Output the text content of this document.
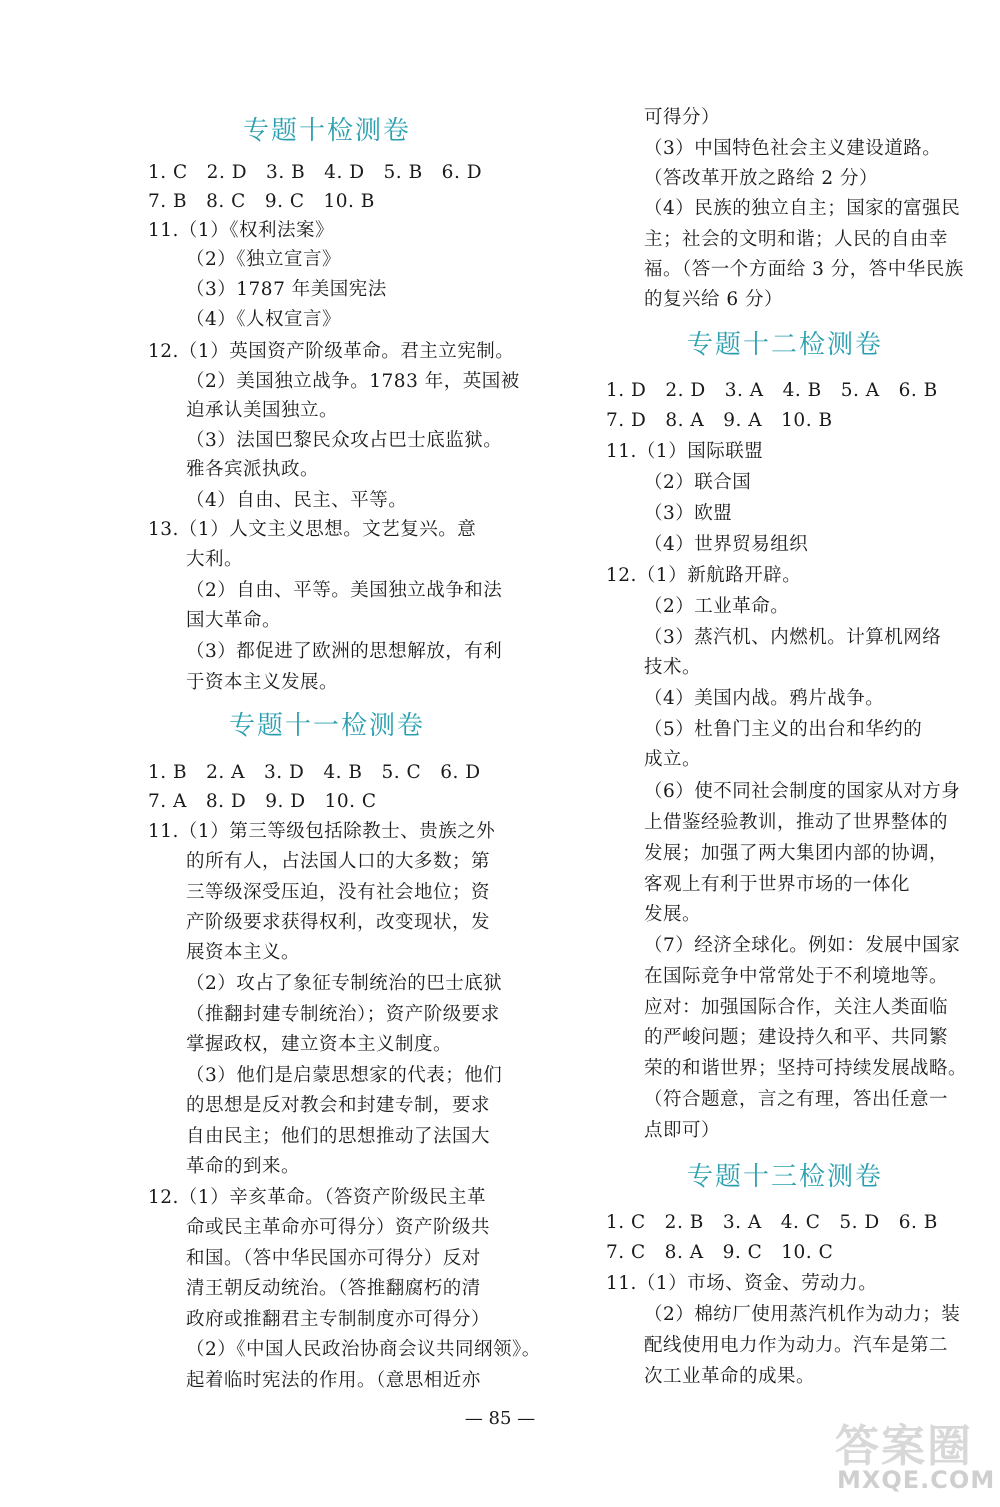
专题十检测卷
1. C　2. D　3. B　4. D　5. B　6. D
7. B　8. C　9. C　10. B
11.（1）《权利法案》
（2）《独立宣言》
（3）1787 年美国宪法
（4）《人权宣言》
12.（1）英国资产阶级革命。君主立宪制。
（2）美国独立战争。1783 年，英国被
迫承认美国独立。
（3）法国巴黎民众攻占巴士底监狱。
雅各宾派执政。
（4）自由、民主、平等。
13.（1）人文主义思想。文艺复兴。意
大利。
（2）自由、平等。美国独立战争和法
国大革命。
（3）都促进了欧洲的思想解放，有利
于资本主义发展。
专题十一检测卷
1. B　2. A　3. D　4. B　5. C　6. D
7. A　8. D　9. D　10. C
11.（1）第三等级包括除教士、贵族之外
的所有人，占法国人口的大多数；第
三等级深受压迫，没有社会地位；资
产阶级要求获得权利，改变现状，发
展资本主义。
（2）攻占了象征专制统治的巴士底狱
（推翻封建专制统治）；资产阶级要求
掌握政权，建立资本主义制度。
（3）他们是启蒙思想家的代表；他们
的思想是反对教会和封建专制，要求
自由民主；他们的思想推动了法国大
革命的到来。
12.（1）辛亥革命。（答资产阶级民主革
命或民主革命亦可得分）资产阶级共
和国。（答中华民国亦可得分）反对
清王朝反动统治。（答推翻腐朽的清
政府或推翻君主专制制度亦可得分）
（2）《中国人民政治协商会议共同纲领》。
起着临时宪法的作用。（意思相近亦
可得分）
（3）中国特色社会主义建设道路。
（答改革开放之路给 2 分）
（4）民族的独立自主；国家的富强民
主；社会的文明和谐；人民的自由幸
福。（答一个方面给 3 分，答中华民族
的复兴给 6 分）
专题十二检测卷
1. D　2. D　3. A　4. B　5. A　6. B
7. D　8. A　9. A　10. B
11.（1）国际联盟
（2）联合国
（3）欧盟
（4）世界贸易组织
12.（1）新航路开辟。
（2）工业革命。
（3）蒸汽机、内燃机。计算机网络
技术。
（4）美国内战。鸦片战争。
（5）杜鲁门主义的出台和华约的
成立。
（6）使不同社会制度的国家从对方身
上借鉴经验教训，推动了世界整体的
发展；加强了两大集团内部的协调，
客观上有利于世界市场的一体化
发展。
（7）经济全球化。例如：发展中国家
在国际竞争中常常处于不利境地等。
应对：加强国际合作，关注人类面临
的严峻问题；建设持久和平、共同繁
荣的和谐世界；坚持可持续发展战略。
（符合题意，言之有理，答出任意一
点即可）
专题十三检测卷
1. C　2. B　3. A　4. C　5. D　6. B
7. C　8. A　9. C　10. C
11.（1）市场、资金、劳动力。
（2）棉纺厂使用蒸汽机作为动力；装
配线使用电力作为动力。汽车是第二
次工业革命的成果。
— 85 —
答案圈
MXQE.COM
